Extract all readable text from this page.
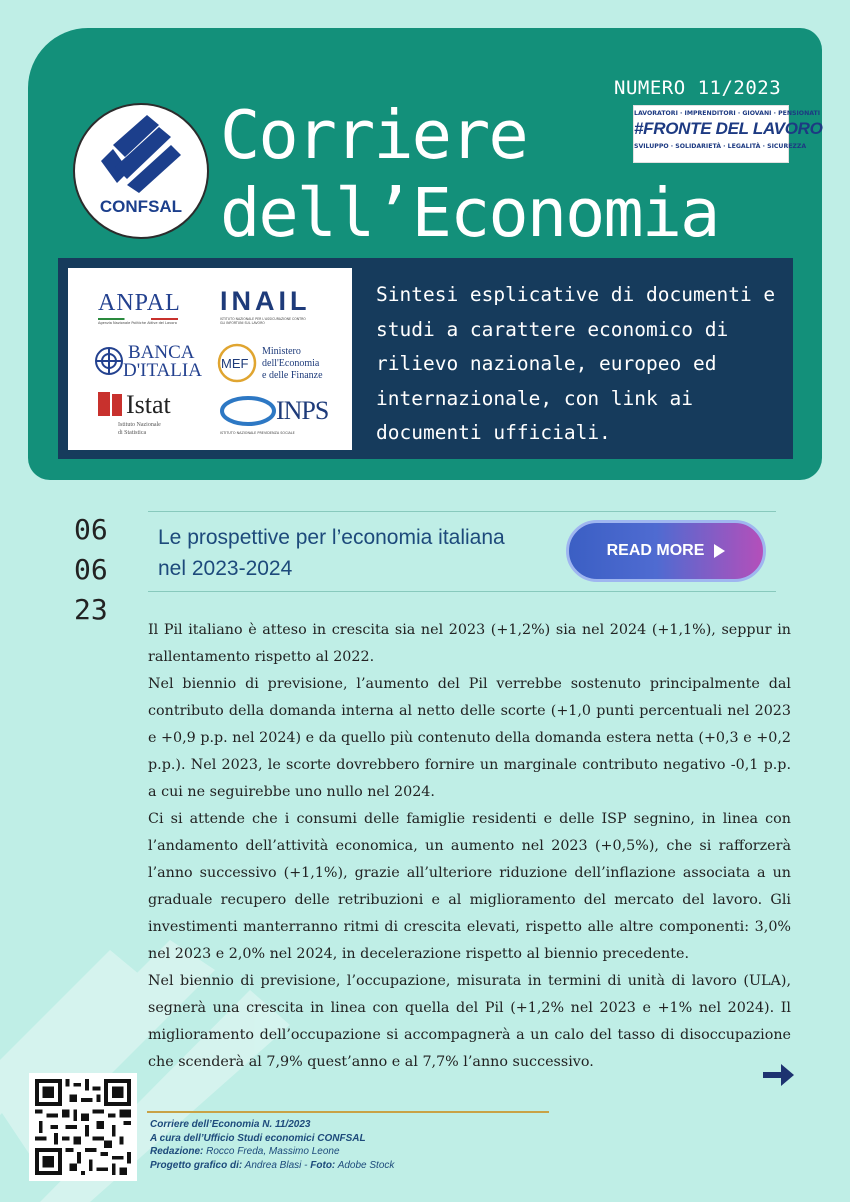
NUMERO 11/2023
LAVORATORI · IMPRENDITORI · GIOVANI · PENSIONATI
#FRONTE DEL LAVORO
SVILUPPO · SOLIDARIETÀ · LEGALITÀ · SICUREZZA
Corriere
dell’Economia
CONFSAL
ANPAL
Agenzia Nazionale Politiche Attive del Lavoro
INAIL
ISTITUTO NAZIONALE PER L'ASSICURAZIONE CONTRO GLI INFORTUNI SUL LAVORO
BANCA
D'ITALIA MEF
Ministero
dell'Economia
e delle Finanze
Istat
Istituto Nazionale
di Statistica
INPS
ISTITUTO NAZIONALE PREVIDENZA SOCIALE
Sintesi esplicative di documenti e studi a carattere economico di rilievo nazionale, europeo ed internazionale, con link ai documenti ufficiali.
06
06
23
Le prospettive per l’economia italiana nel 2023-2024
READ MORE

Il Pil italiano è atteso in crescita sia nel 2023 (+1,2%) sia nel 2024 (+1,1%), seppur in rallentamento rispetto al 2022.

Nel biennio di previsione, l’aumento del Pil verrebbe sostenuto principalmente dal contributo della domanda interna al netto delle scorte (+1,0 punti percentuali nel 2023 e +0,9 p.p. nel 2024) e da quello più contenuto della domanda estera netta (+0,3 e +0,2 p.p.). Nel 2023, le scorte dovrebbero fornire un marginale contributo negativo -0,1 p.p. a cui ne seguirebbe uno nullo nel 2024.

Ci si attende che i consumi delle famiglie residenti e delle ISP segnino, in linea con l’andamento dell’attività economica, un aumento nel 2023 (+0,5%), che si rafforzerà l’anno successivo (+1,1%), grazie all’ulteriore riduzione dell’inflazione associata a un graduale recupero delle retribuzioni e al miglioramento del mercato del lavoro. Gli investimenti manterranno ritmi di crescita elevati, rispetto alle altre componenti: 3,0% nel 2023 e 2,0% nel 2024, in decelerazione rispetto al biennio precedente.

Nel biennio di previsione, l’occupazione, misurata in termini di unità di lavoro (ULA), segnerà una crescita in linea con quella del Pil (+1,2% nel 2023 e +1% nel 2024). Il miglioramento dell’occupazione si accompagnerà a un calo del tasso di disoccupazione che scenderà al 7,9% quest’anno e al 7,7% l’anno successivo.

Corriere dell’Economia N. 11/2023
A cura dell’Ufficio Studi economici CONFSAL
Redazione: Rocco Freda, Massimo Leone
Progetto grafico di: Andrea Blasi - Foto: Adobe Stock
